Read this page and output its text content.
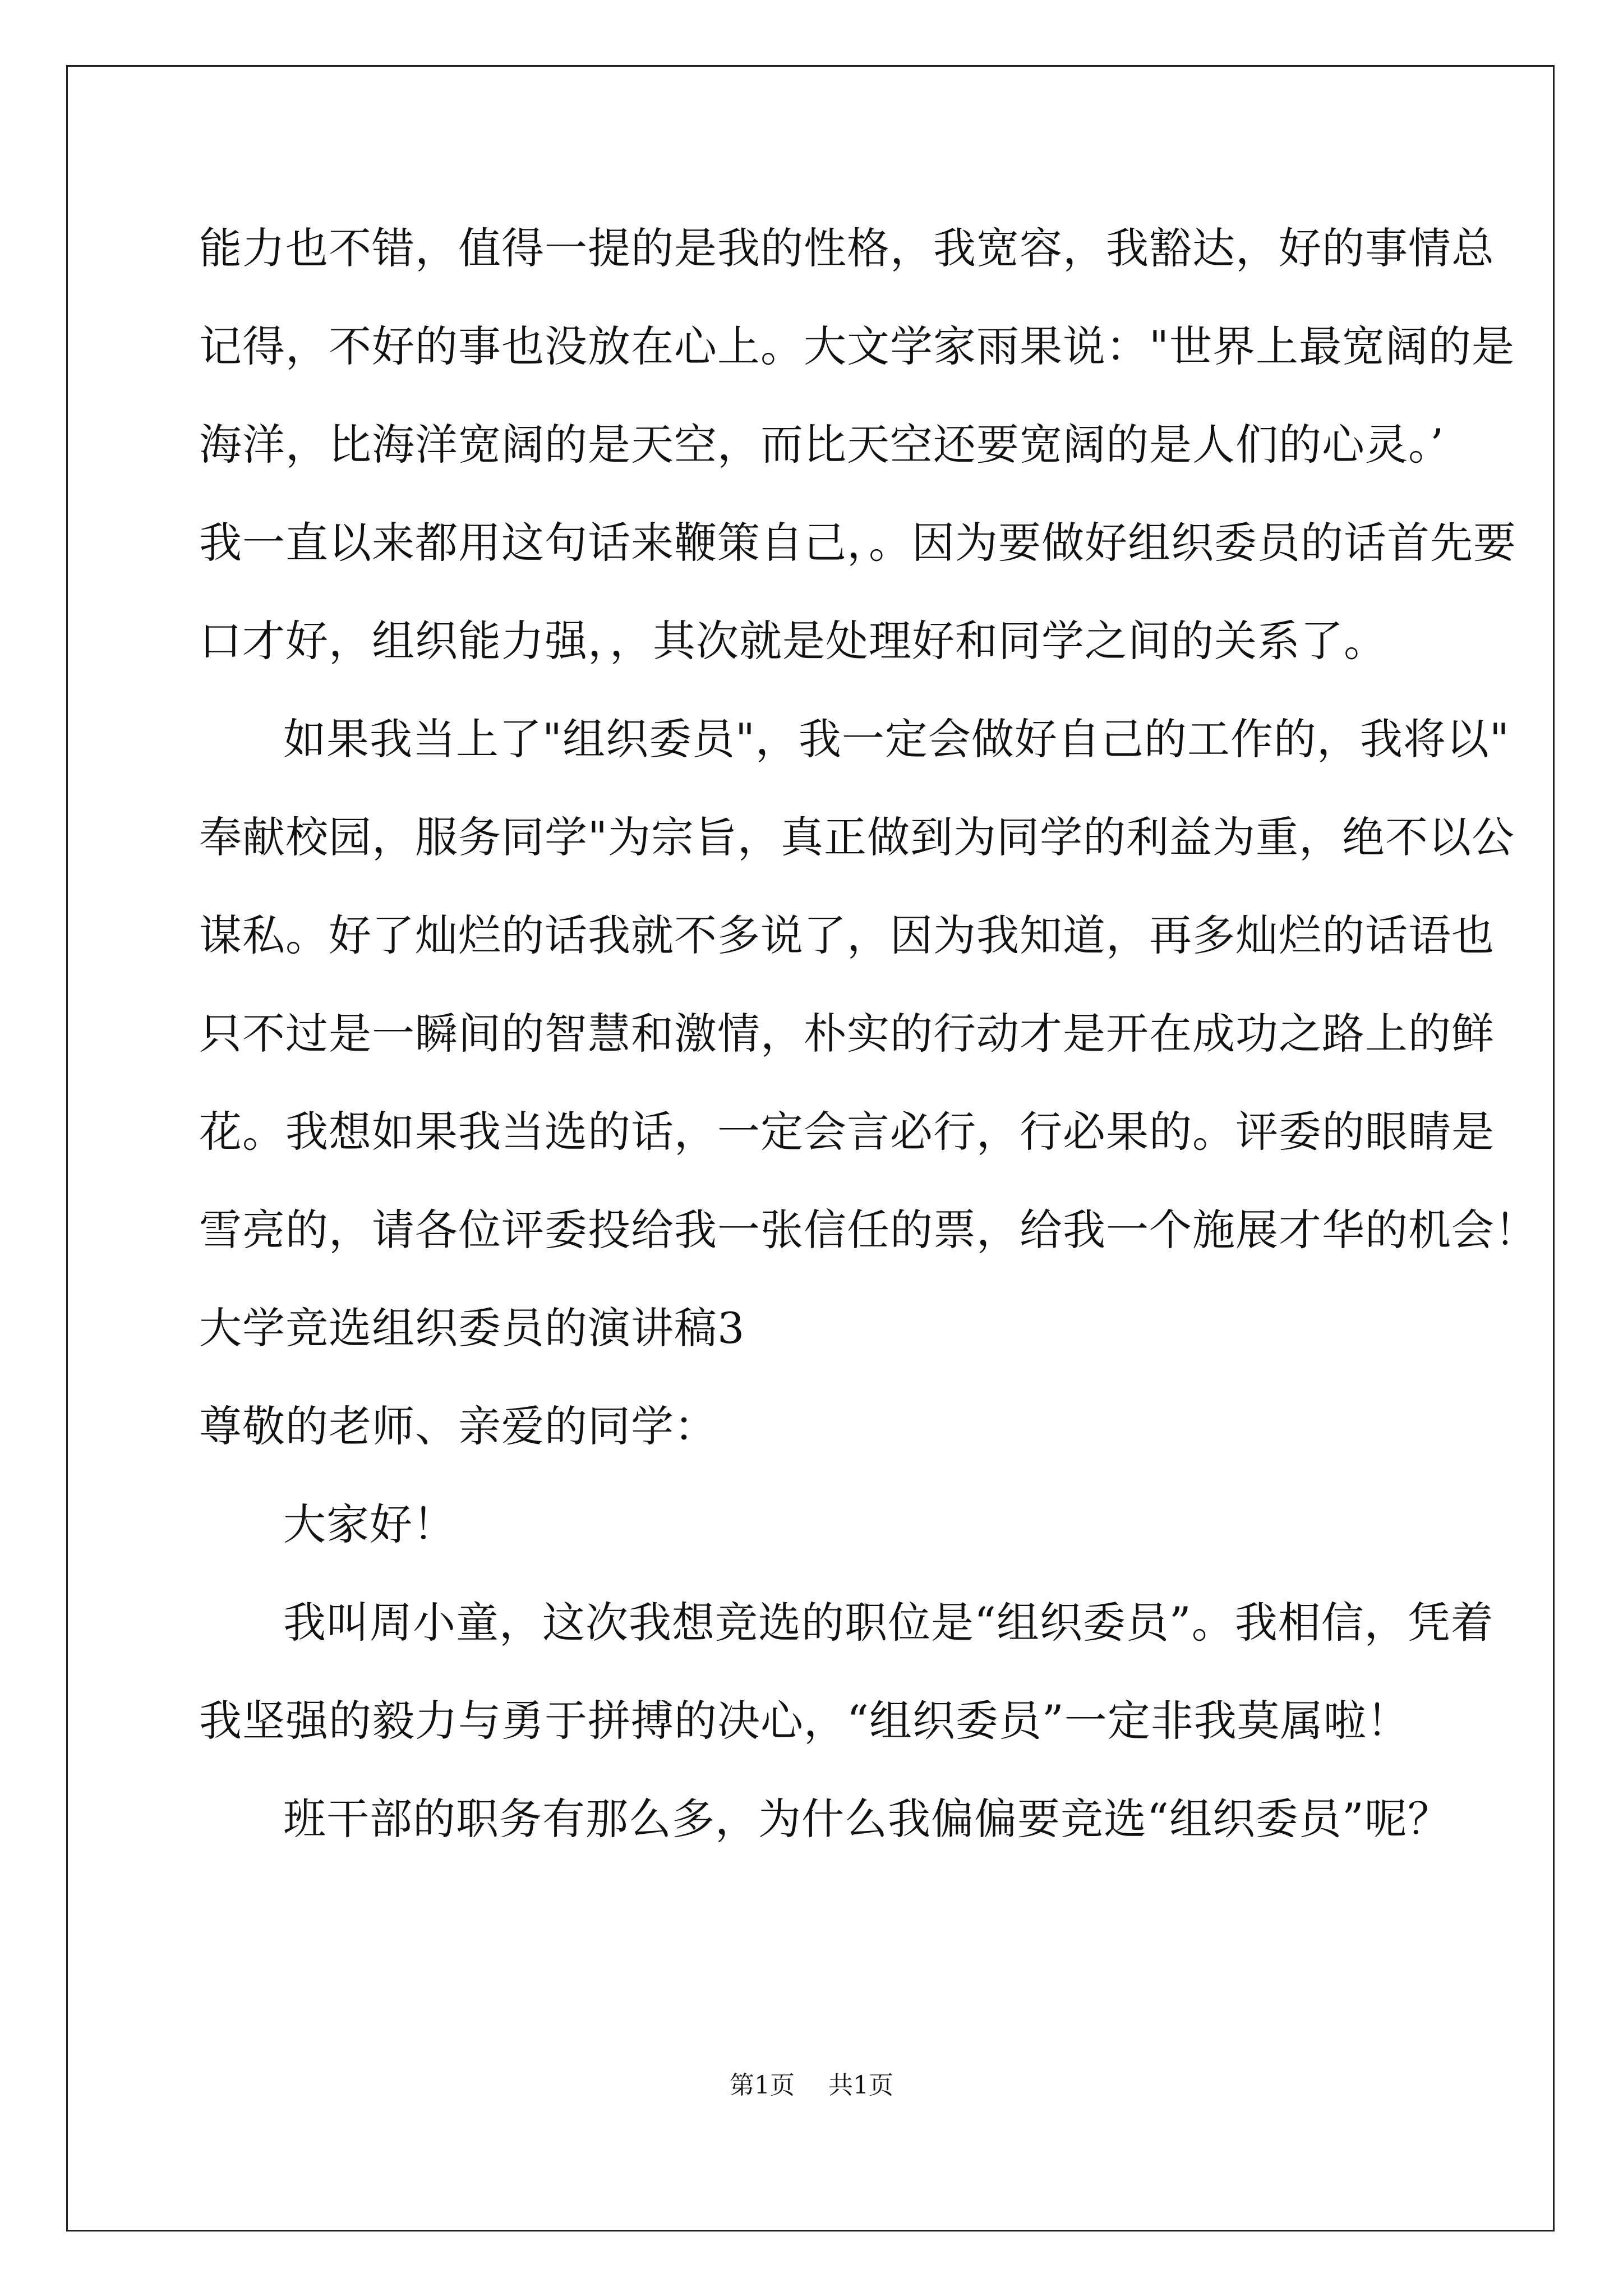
能力也不错，值得一提的是我的性格，我宽容，我豁达，好的事情总
记得，不好的事也没放在心上。大文学家雨果说："世界上最宽阔的是
海洋，比海洋宽阔的是天空，而比天空还要宽阔的是人们的心灵。’
我一直以来都用这句话来鞭策自己，。因为要做好组织委员的话首先要
口才好，组织能力强，，其次就是处理好和同学之间的关系了。
如果我当上了"组织委员"，我一定会做好自己的工作的，我将以"
奉献校园，服务同学"为宗旨，真正做到为同学的利益为重，绝不以公
谋私。好了灿烂的话我就不多说了，因为我知道，再多灿烂的话语也
只不过是一瞬间的智慧和激情，朴实的行动才是开在成功之路上的鲜
花。我想如果我当选的话，一定会言必行，行必果的。评委的眼睛是
雪亮的，请各位评委投给我一张信任的票，给我一个施展才华的机会！
大学竞选组织委员的演讲稿3
尊敬的老师、亲爱的同学：
大家好！
我叫周小童，这次我想竞选的职位是“组织委员”。我相信，凭着
我坚强的毅力与勇于拼搏的决心，“组织委员”一定非我莫属啦！
班干部的职务有那么多，为什么我偏偏要竞选“组织委员”呢？
第1页 共1页
